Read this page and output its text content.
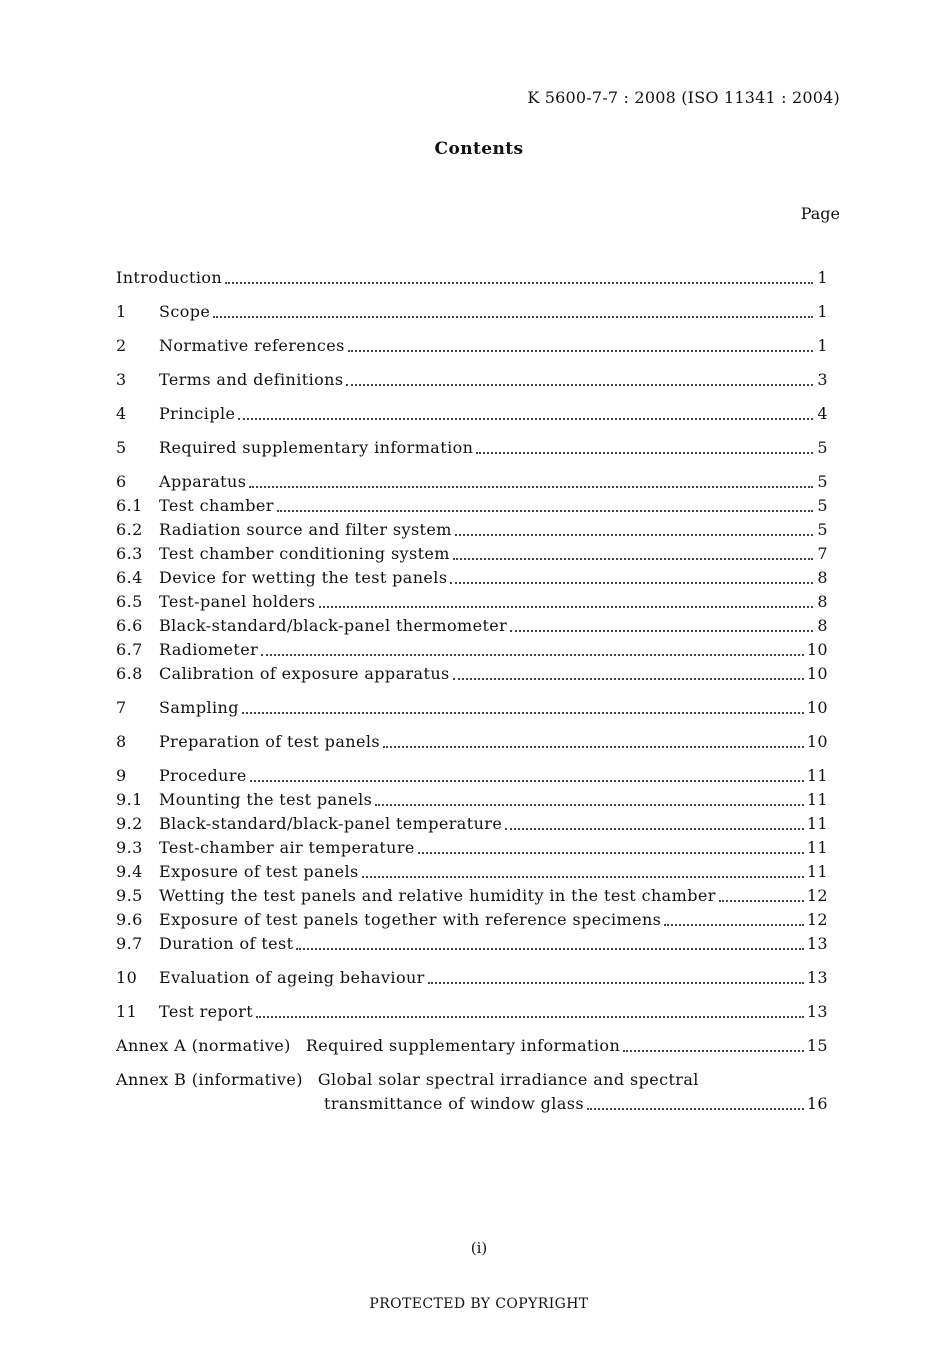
K 5600-7-7 : 2008 (ISO 11341 : 2004)
Contents
Page
Introduction	1
1	Scope	1
2	Normative references	1
3	Terms and definitions	3
4	Principle	4
5	Required supplementary information	5
6	Apparatus	5
6.1	Test chamber	5
6.2	Radiation source and filter system	5
6.3	Test chamber conditioning system	7
6.4	Device for wetting the test panels	8
6.5	Test-panel holders	8
6.6	Black-standard/black-panel thermometer	8
6.7	Radiometer	10
6.8	Calibration of exposure apparatus	10
7	Sampling	10
8	Preparation of test panels	10
9	Procedure	11
9.1	Mounting the test panels	11
9.2	Black-standard/black-panel temperature	11
9.3	Test-chamber air temperature	11
9.4	Exposure of test panels	11
9.5	Wetting the test panels and relative humidity in the test chamber	12
9.6	Exposure of test panels together with reference specimens	12
9.7	Duration of test	13
10	Evaluation of ageing behaviour	13
11	Test report	13
Annex A (normative) Required supplementary information	15
Annex B (informative) Global solar spectral irradiance and spectral
transmittance of window glass	16
(i)
PROTECTED BY COPYRIGHT
